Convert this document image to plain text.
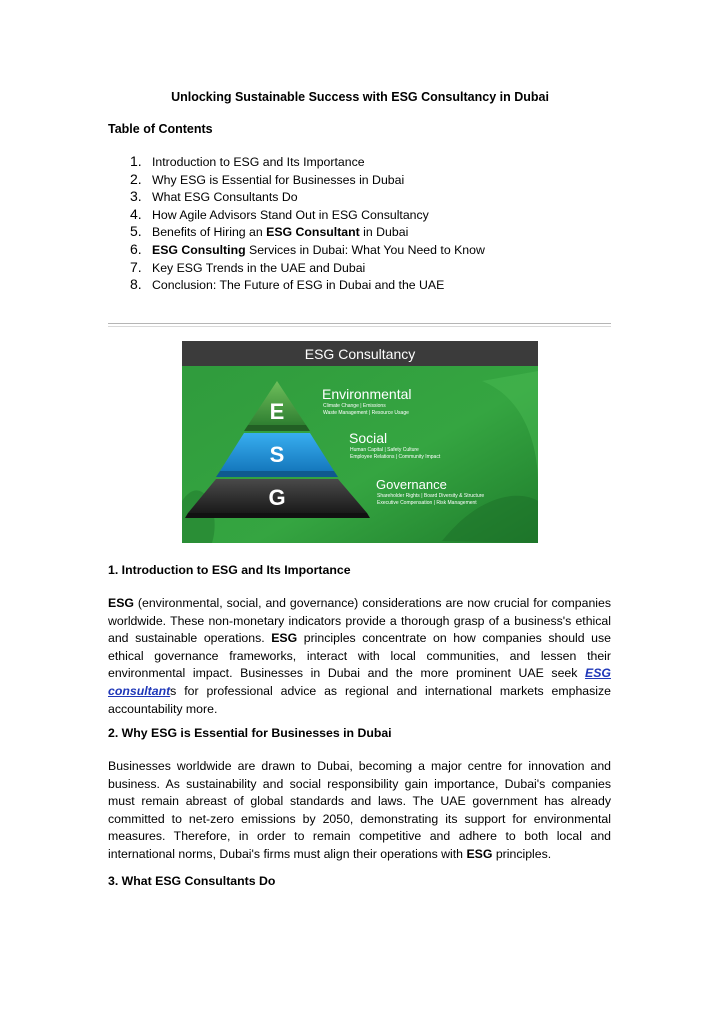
Unlocking Sustainable Success with ESG Consultancy in Dubai
Table of Contents
1. Introduction to ESG and Its Importance
2. Why ESG is Essential for Businesses in Dubai
3. What ESG Consultants Do
4. How Agile Advisors Stand Out in ESG Consultancy
5. Benefits of Hiring an ESG Consultant in Dubai
6. ESG Consulting Services in Dubai: What You Need to Know
7. Key ESG Trends in the UAE and Dubai
8. Conclusion: The Future of ESG in Dubai and the UAE
ESG Consultancy
E
S
G
Environmental
Climate Change | Emissions
Waste Management | Resource Usage
Social
Human Capital | Safety Culture
Employee Relations | Community Impact
Governance
Shareholder Rights | Board Diversity & Structure
Executive Compensation | Risk Management
1. Introduction to ESG and Its Importance
ESG (environmental, social, and governance) considerations are now crucial for companies worldwide. These non-monetary indicators provide a thorough grasp of a business's ethical and sustainable operations. ESG principles concentrate on how companies should use ethical governance frameworks, interact with local communities, and lessen their environmental impact. Businesses in Dubai and the more prominent UAE seek ESG consultants for professional advice as regional and international markets emphasize accountability more.
2. Why ESG is Essential for Businesses in Dubai
Businesses worldwide are drawn to Dubai, becoming a major centre for innovation and business. As sustainability and social responsibility gain importance, Dubai's companies must remain abreast of global standards and laws. The UAE government has already committed to net-zero emissions by 2050, demonstrating its support for environmental measures. Therefore, in order to remain competitive and adhere to both local and international norms, Dubai's firms must align their operations with ESG principles.
3. What ESG Consultants Do
